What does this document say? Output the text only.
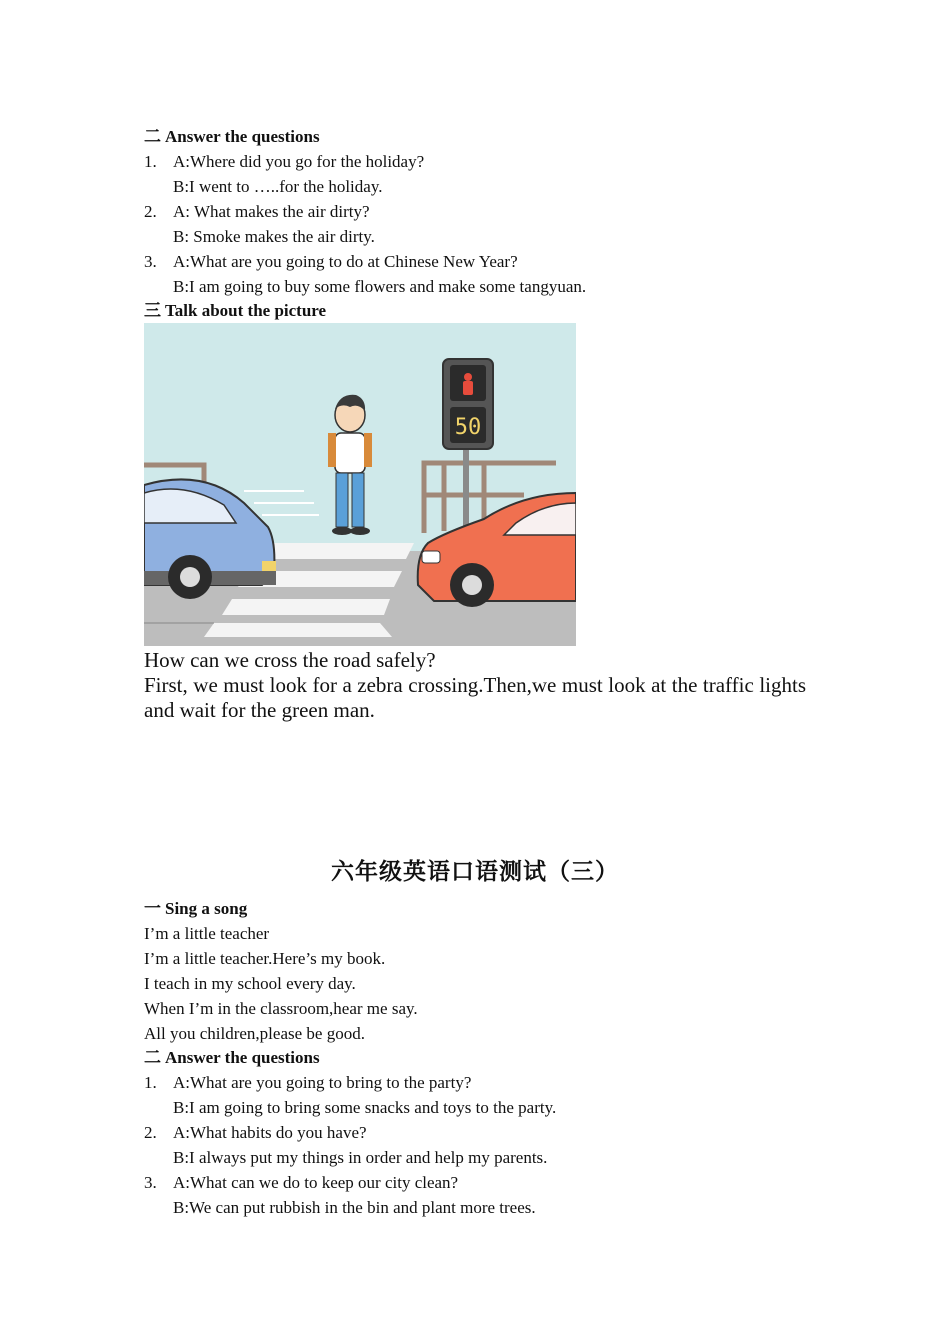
二 Answer the questions
1. A:Where did you go for the holiday?
B:I went to …..for the holiday.
2. A: What makes the air dirty?
B: Smoke makes the air dirty.
3. A:What are you going to do at Chinese New Year?
B:I am going to buy some flowers and make some tangyuan.
三 Talk about the picture
50
How can we cross the road safely?
First, we must look for a zebra crossing.Then,we must look at the traffic lights and wait for the green man.
六年级英语口语测试（三）
一 Sing a song
I’m a little teacher
I’m a little teacher.Here’s my book.
I teach in my school every day.
When I’m in the classroom,hear me say.
All you children,please be good.
二 Answer the questions
1. A:What are you going to bring to the party?
B:I am going to bring some snacks and toys to the party.
2. A:What habits do you have?
B:I always put my things in order and help my parents.
3. A:What can we do to keep our city clean?
B:We can put rubbish in the bin and plant more trees.
